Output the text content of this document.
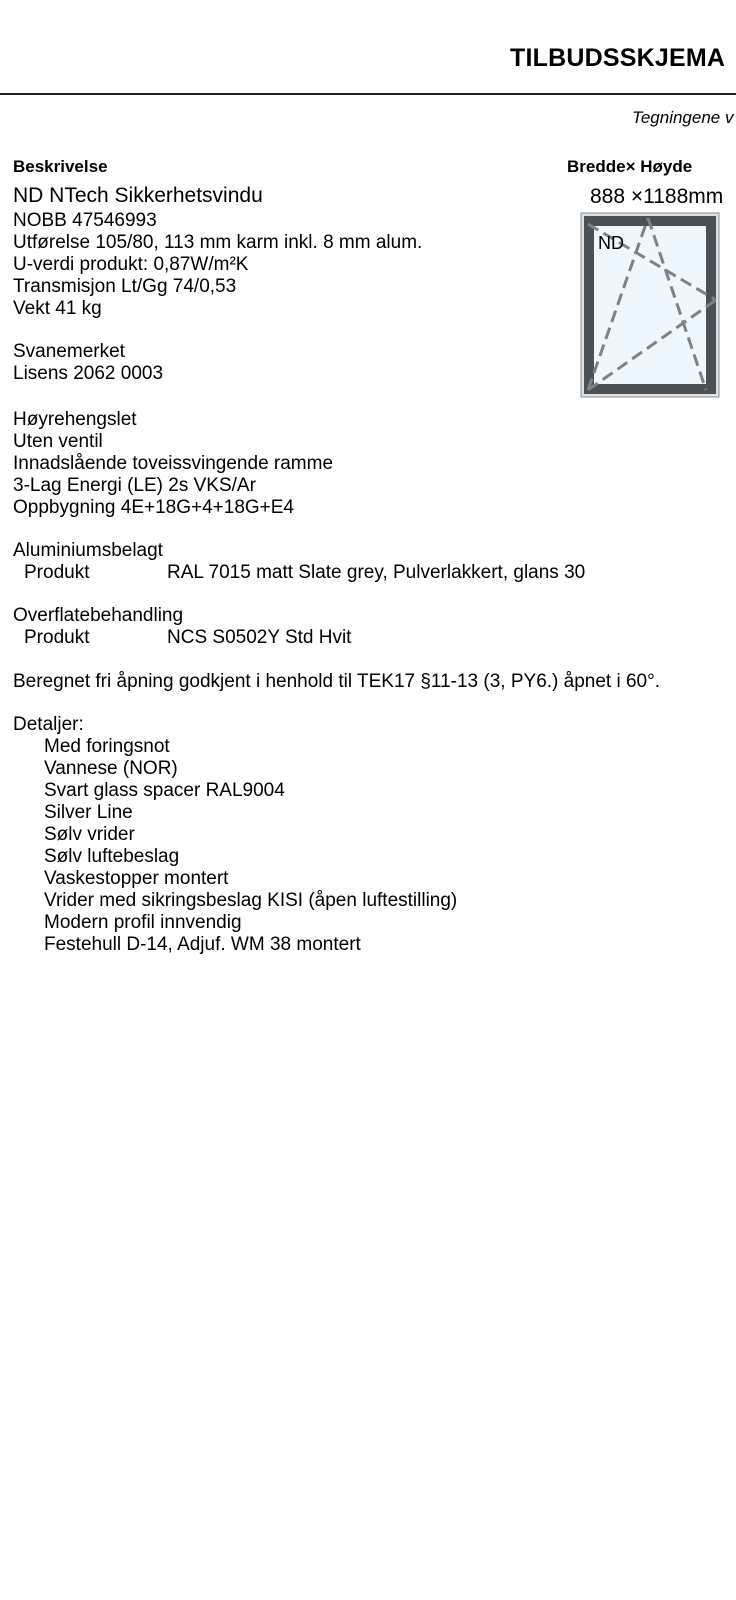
TILBUDSSKJEMA
Tegningene v
Beskrivelse	Bredde× Høyde
ND NTech Sikkerhetsvindu	888 ×1188mm
NOBB 47546993
Utførelse 105/80, 113 mm karm inkl. 8 mm alum.
U-verdi produkt: 0,87W/m²K
Transmisjon Lt/Gg 74/0,53
Vekt 41 kg
Svanemerket
Lisens 2062 0003
Høyrehengslet
Uten ventil
Innadslående toveissvingende ramme
3-Lag Energi (LE) 2s VKS/Ar
Oppbygning 4E+18G+4+18G+E4
Aluminiumsbelagt
Produkt	RAL 7015 matt Slate grey, Pulverlakkert, glans 30
Overflatebehandling
Produkt	NCS S0502Y Std Hvit
Beregnet fri åpning godkjent i henhold til TEK17 §11-13 (3, PY6.) åpnet i 60°.
Detaljer:
Med foringsnot
Vannese (NOR)
Svart glass spacer RAL9004
Silver Line
Sølv vrider
Sølv luftebeslag
Vaskestopper montert
Vrider med sikringsbeslag KISI (åpen luftestilling)
Modern profil innvendig
Festehull D-14, Adjuf. WM 38 montert
ND
